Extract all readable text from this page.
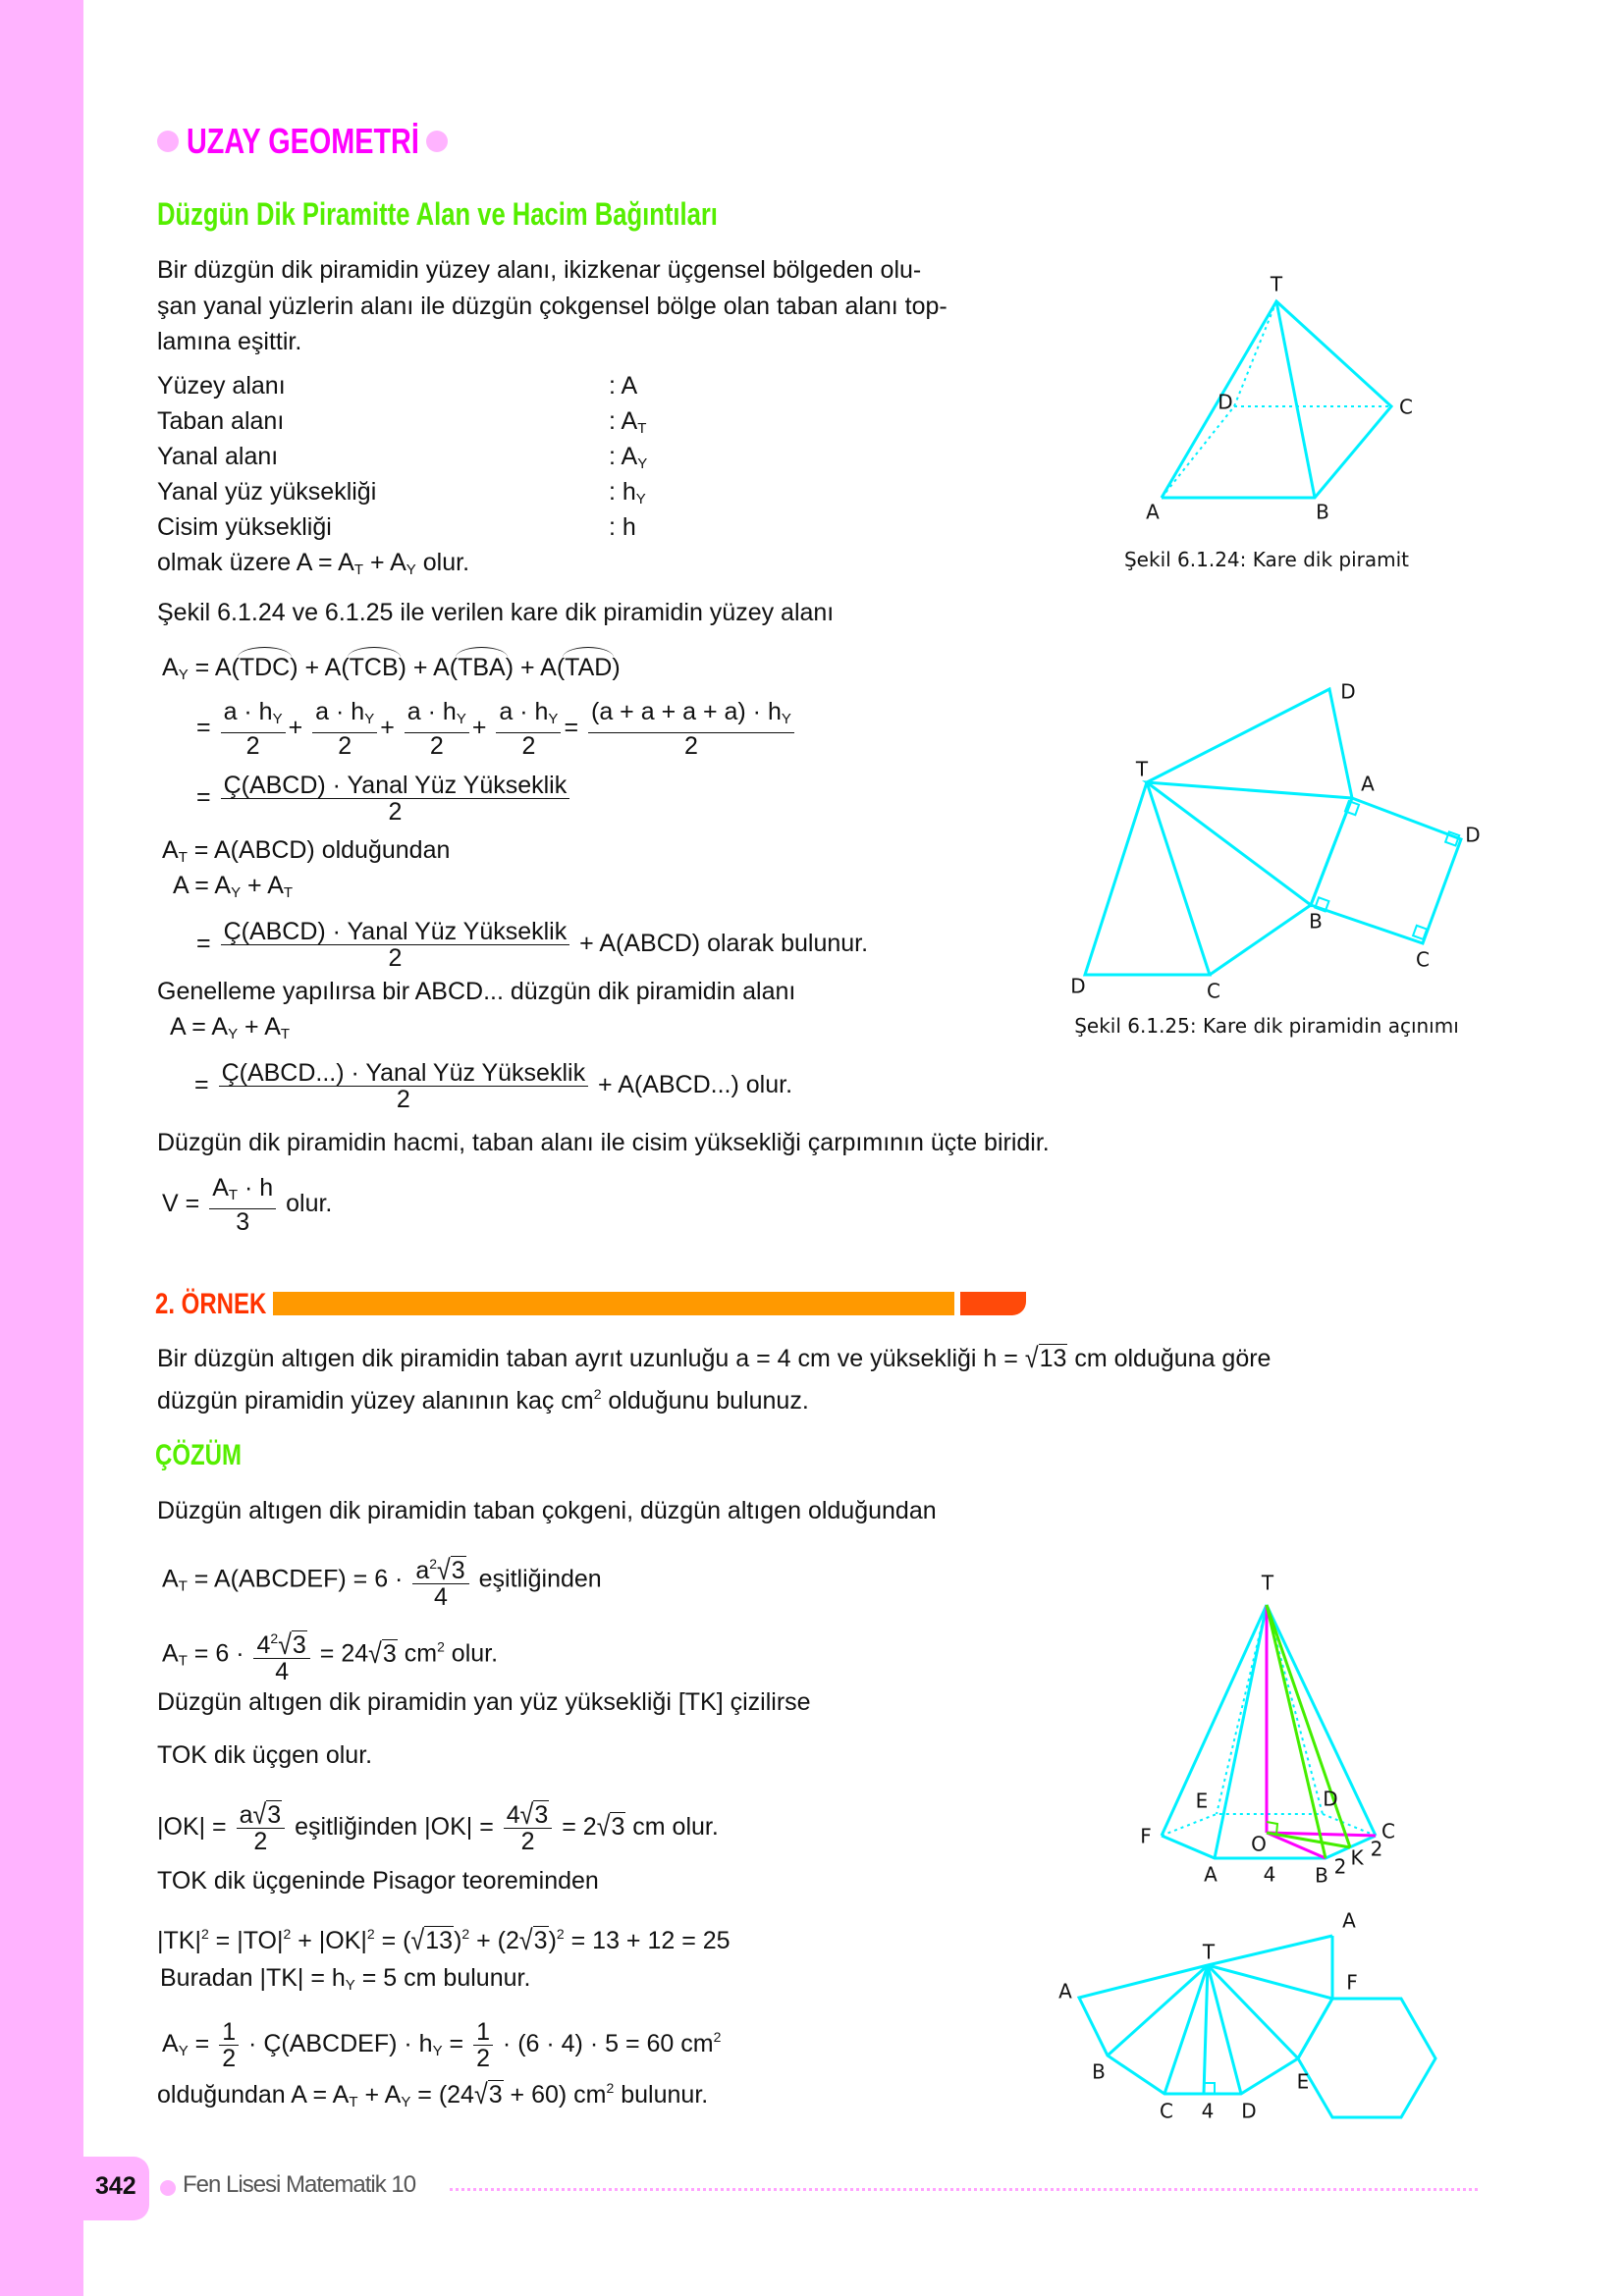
UZAY GEOMETRİ
Düzgün Dik Piramitte Alan ve Hacim Bağıntıları
Bir düzgün dik piramidin yüzey alanı, ikizkenar üçgensel bölgeden olu-
şan yanal yüzlerin alanı ile düzgün çokgensel bölge olan taban alanı top-
lamına eşittir.
Yüzey alanı	: A
Taban alanı	: $A_T$
Yanal alanı	: $A_Y$
Yanal yüz yüksekliği	: $h_Y$
Cisim yüksekliği	: h
olmak üzere $A = A_T + A_Y$ olur.
Şekil 6.1.24 ve 6.1.25 ile verilen kare dik piramidin yüzey alanı
$A_Y = A(TDC) + A(TCB) + A(TBA) + A(TAD)$
= $\frac{a \cdot h_Y}{2} + \frac{a \cdot h_Y}{2} + \frac{a \cdot h_Y}{2} + \frac{a \cdot h_Y}{2} = \frac{(a + a + a + a) \cdot h_Y}{2}$
= $\frac{\text{Ç(ABCD) · Yanal Yüz Yükseklik}}{2}$
$A_T$ = A(ABCD) olduğundan
$A = A_Y + A_T$
= $\frac{\text{Ç(ABCD) · Yanal Yüz Yükseklik}}{2}$ + A(ABCD) olarak bulunur.
Genelleme yapılırsa bir ABCD... düzgün dik piramidin alanı
$A = A_Y + A_T$
= $\frac{\text{Ç(ABCD...) · Yanal Yüz Yükseklik}}{2}$ + A(ABCD...) olur.
Düzgün dik piramidin hacmi, taban alanı ile cisim yüksekliği çarpımının üçte biridir.
$V = \frac{A_T \cdot h}{3}$ olur.
2. ÖRNEK
Bir düzgün altıgen dik piramidin taban ayrıt uzunluğu a = 4 cm ve yüksekliği h = √13 cm olduğuna göre
düzgün piramidin yüzey alanının kaç $cm^2$ olduğunu bulunuz.
ÇÖZÜM
Düzgün altıgen dik piramidin taban çokgeni, düzgün altıgen olduğundan
$A_T$ = A(ABCDEF) = $6 \cdot \frac{a^2√3}{4}$ eşitliğinden
$A_T = 6 \cdot \frac{4^2√3}{4} = 24√3$ $cm^2$ olur.
Düzgün altıgen dik piramidin yan yüz yüksekliği [TK] çizilirse
TOK dik üçgen olur.
$|OK| = \frac{a√3}{2}$ eşitliğinden $|OK| = \frac{4√3}{2} = 2√3$ cm olur.
TOK dik üçgeninde Pisagor teoreminden
$|TK|^2 = |TO|^2 + |OK|^2 = (√13)^2 + (2√3)^2 = 13 + 12 = 25$
Buradan $|TK| = h_Y = 5$ cm bulunur.
$A_Y = \frac{1}{2}$ · Ç(ABCDEF) · $h_Y = \frac{1}{2} \cdot (6 \cdot 4) \cdot 5 = 60$ $cm^2$
olduğundan $A = A_T + A_Y = (24√3 + 60)$ $cm^2$ bulunur.
T
D	C
A	B
Şekil 6.1.24: Kare dik piramit
D
T
A
D
B
C
D	C
Şekil 6.1.25: Kare dik piramidin açınımı
T
E	D
F	C
O
A 4 B 2 K 2
A
T
A	F
B	E
C 4 D
342 Fen Lisesi Matematik 10
